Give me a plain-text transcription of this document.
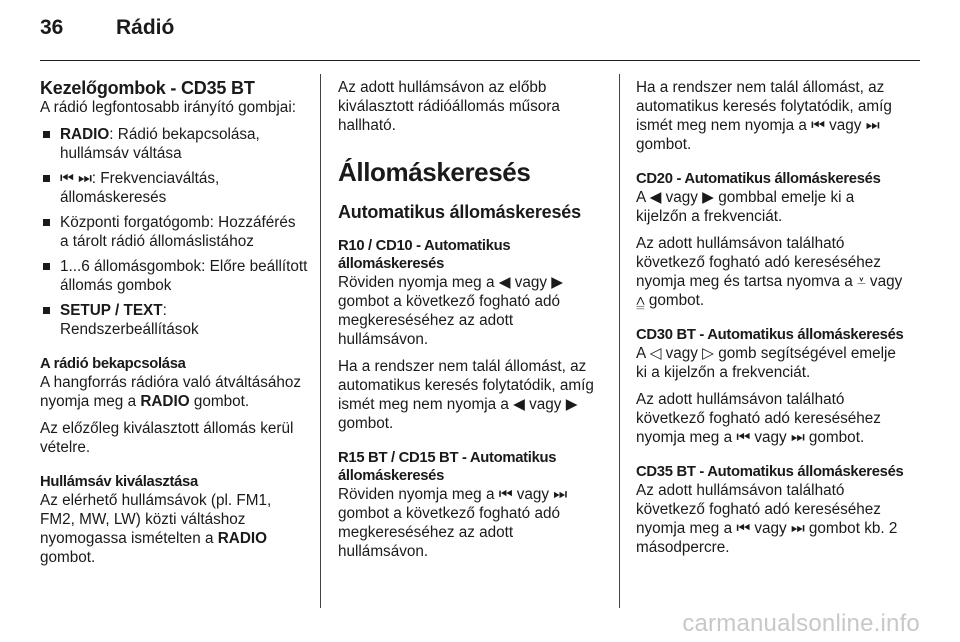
36	Rádió
Kezelőgombok - CD35 BT

A rádió legfontosabb irányító gombjai:

RADIO: Rádió bekapcsolása, hullámsáv váltása
⏮ ⏭: Frekvenciaváltás, állomáskeresés
Központi forgatógomb: Hozzáférés a tárolt rádió állomáslistához
1...6 állomásgombok: Előre beállított állomás gombok
SETUP / TEXT: Rendszerbeállítások
A rádió bekapcsolása

A hangforrás rádióra való átváltásához nyomja meg a RADIO gombot.

Az előzőleg kiválasztott állomás kerül vételre.

Hullámsáv kiválasztása

Az elérhető hullámsávok (pl. FM1, FM2, MW, LW) közti váltáshoz nyomogassa ismételten a RADIO gombot.

Az adott hullámsávon az előbb kiválasztott rádióállomás műsora hallható.

Állomáskeresés
Automatikus állomáskeresés
R10 / CD10 - Automatikus állomáskeresés

Röviden nyomja meg a ◀ vagy ▶ gombot a következő fogható adó megkereséséhez az adott hullámsávon.

Ha a rendszer nem talál állomást, az automatikus keresés folytatódik, amíg ismét meg nem nyomja a ◀ vagy ▶ gombot.

R15 BT / CD15 BT - Automatikus állomáskeresés

Röviden nyomja meg a ⏮ vagy ⏭ gombot a következő fogható adó megkereséséhez az adott hullámsávon.

Ha a rendszer nem talál állomást, az automatikus keresés folytatódik, amíg ismét meg nem nyomja a ⏮ vagy ⏭ gombot.

CD20 - Automatikus állomáskeresés

A ◀ vagy ▶ gombbal emelje ki a kijelzőn a frekvenciát.

Az adott hullámsávon található következő fogható adó kereséséhez nyomja meg és tartsa nyomva a ⩡ vagy ⩠ gombot.

CD30 BT - Automatikus állomáskeresés

A ◁ vagy ▷ gomb segítségével emelje ki a kijelzőn a frekvenciát.

Az adott hullámsávon található következő fogható adó kereséséhez nyomja meg a ⏮ vagy ⏭ gombot.

CD35 BT - Automatikus állomáskeresés

Az adott hullámsávon található következő fogható adó kereséséhez nyomja meg a ⏮ vagy ⏭ gombot kb. 2 másodpercre.

carmanualsonline.info
